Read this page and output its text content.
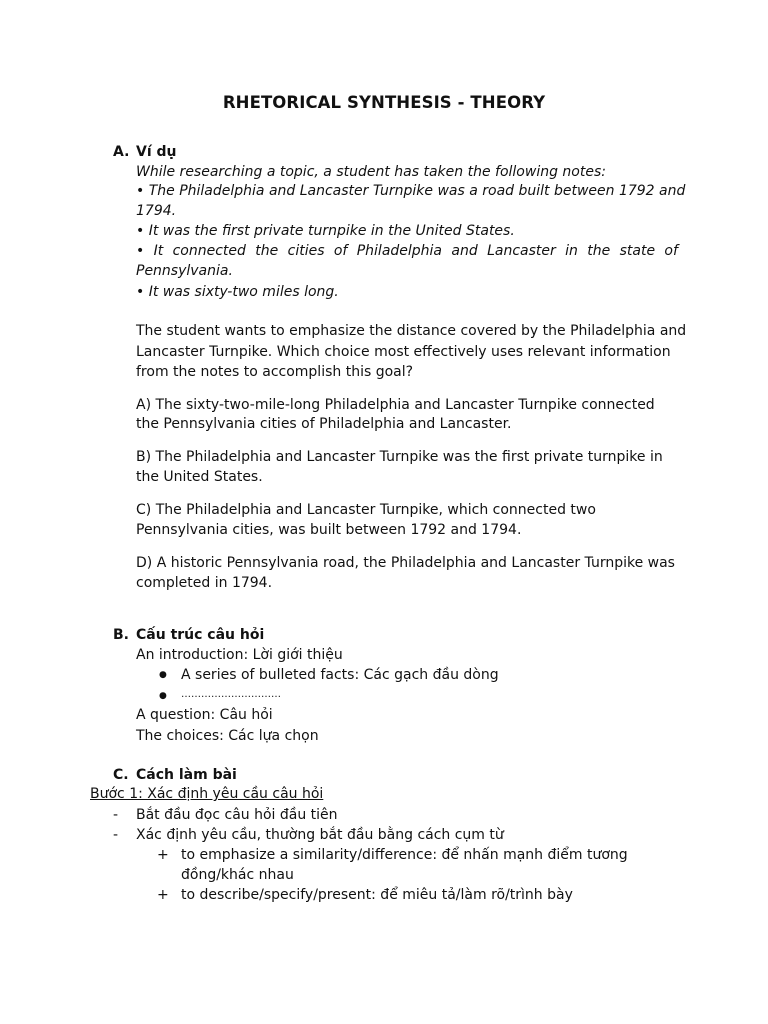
RHETORICAL SYNTHESIS - THEORY
A. Ví dụ
While researching a topic, a student has taken the following notes:
• The Philadelphia and Lancaster Turnpike was a road built between 1792 and
1794.
• It was the first private turnpike in the United States.
• It connected the cities of Philadelphia and Lancaster in the state of
Pennsylvania.
• It was sixty-two miles long.
The student wants to emphasize the distance covered by the Philadelphia and
Lancaster Turnpike. Which choice most effectively uses relevant information
from the notes to accomplish this goal?
A) The sixty-two-mile-long Philadelphia and Lancaster Turnpike connected
the Pennsylvania cities of Philadelphia and Lancaster.
B) The Philadelphia and Lancaster Turnpike was the first private turnpike in
the United States.
C) The Philadelphia and Lancaster Turnpike, which connected two
Pennsylvania cities, was built between 1792 and 1794.
D) A historic Pennsylvania road, the Philadelphia and Lancaster Turnpike was
completed in 1794.
B. Cấu trúc câu hỏi
An introduction: Lời giới thiệu
● A series of bulleted facts: Các gạch đầu dòng
● …………………………
A question: Câu hỏi
The choices: Các lựa chọn
C. Cách làm bài
Bước 1: Xác định yêu cầu câu hỏi
- Bắt đầu đọc câu hỏi đầu tiên
- Xác định yêu cầu, thường bắt đầu bằng cách cụm từ
+ to emphasize a similarity/difference: để nhấn mạnh điểm tương
đồng/khác nhau
+ to describe/specify/present: để miêu tả/làm rõ/trình bày
